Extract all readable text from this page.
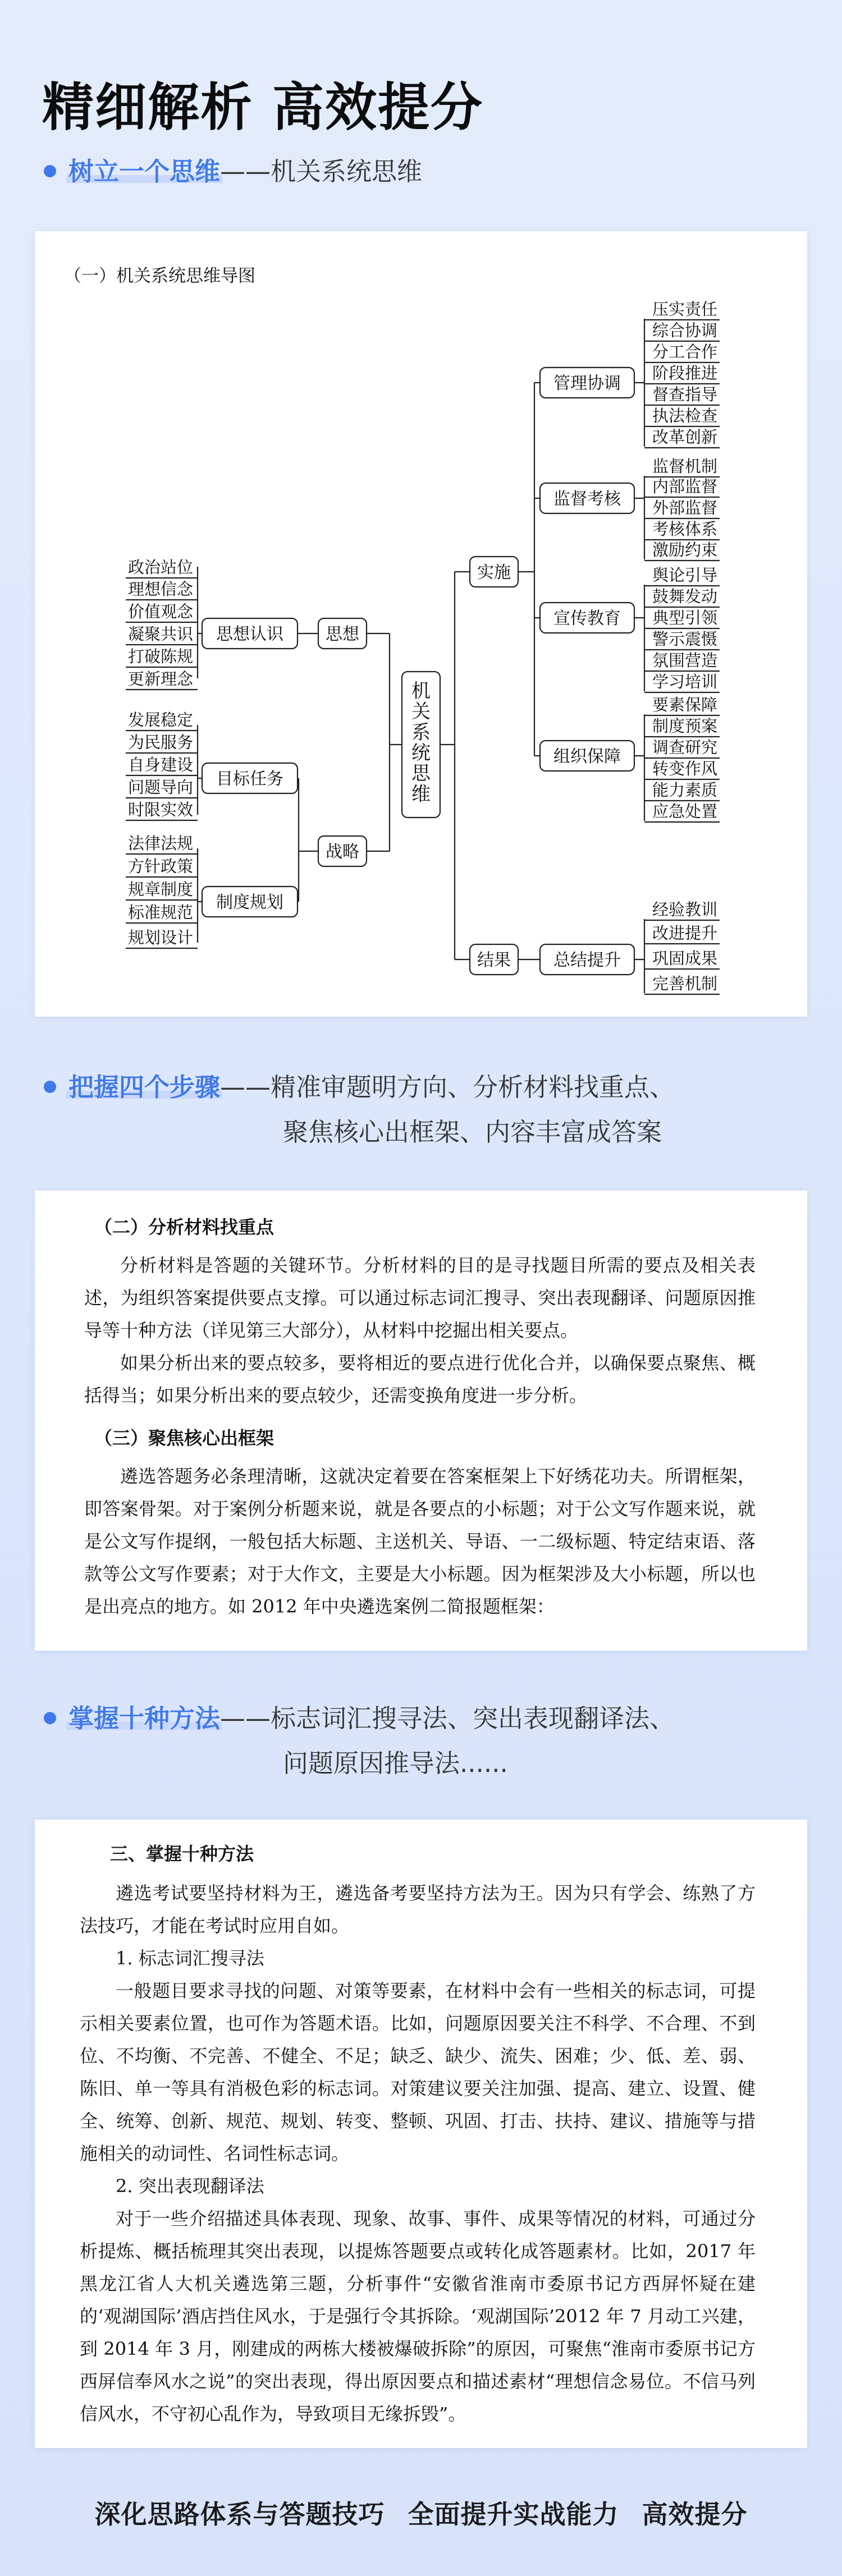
精细解析 高效提分
树立一个思维——机关系统思维
（一）机关系统思维导图
机
关
系
统
思
维
思想
战略
思想认识
政治站位
理想信念
价值观念
凝聚共识
打破陈规
更新理念
目标任务
发展稳定
为民服务
自身建设
问题导向
时限实效
制度规划
法律法规
方针政策
规章制度
标准规范
规划设计
实施
结果
管理协调
压实责任
综合协调
分工合作
阶段推进
督查指导
执法检查
改革创新
监督考核
监督机制
内部监督
外部监督
考核体系
激励约束
宣传教育
舆论引导
鼓舞发动
典型引领
警示震慑
氛围营造
学习培训
组织保障
要素保障
制度预案
调查研究
转变作风
能力素质
应急处置
总结提升
经验教训
改进提升
巩固成果
完善机制
把握四个步骤——精准审题明方向、分析材料找重点、
聚焦核心出框架、内容丰富成答案
（二）分析材料找重点

分析材料是答题的关键环节。分析材料的目的是寻找题目所需的要点及相关表述，为组织答案提供要点支撑。可以通过标志词汇搜寻、突出表现翻译、问题原因推导等十种方法（详见第三大部分），从材料中挖掘出相关要点。

如果分析出来的要点较多，要将相近的要点进行优化合并，以确保要点聚焦、概括得当；如果分析出来的要点较少，还需变换角度进一步分析。

（三）聚焦核心出框架

遴选答题务必条理清晰，这就决定着要在答案框架上下好绣花功夫。所谓框架，即答案骨架。对于案例分析题来说，就是各要点的小标题；对于公文写作题来说，就是公文写作提纲，一般包括大标题、主送机关、导语、一二级标题、特定结束语、落款等公文写作要素；对于大作文，主要是大小标题。因为框架涉及大小标题，所以也是出亮点的地方。如 2012 年中央遴选案例二简报题框架：

掌握十种方法——标志词汇搜寻法、突出表现翻译法、
问题原因推导法......
三、掌握十种方法

遴选考试要坚持材料为王，遴选备考要坚持方法为王。因为只有学会、练熟了方法技巧，才能在考试时应用自如。

1. 标志词汇搜寻法

一般题目要求寻找的问题、对策等要素，在材料中会有一些相关的标志词，可提示相关要素位置，也可作为答题术语。比如，问题原因要关注不科学、不合理、不到位、不均衡、不完善、不健全、不足；缺乏、缺少、流失、困难；少、低、差、弱、陈旧、单一等具有消极色彩的标志词。对策建议要关注加强、提高、建立、设置、健全、统筹、创新、规范、规划、转变、整顿、巩固、打击、扶持、建议、措施等与措施相关的动词性、名词性标志词。

2. 突出表现翻译法

对于一些介绍描述具体表现、现象、故事、事件、成果等情况的材料，可通过分析提炼、概括梳理其突出表现，以提炼答题要点或转化成答题素材。比如，2017 年黑龙江省人大机关遴选第三题，分析事件“安徽省淮南市委原书记方西屏怀疑在建的‘观湖国际’酒店挡住风水，于是强行令其拆除。‘观湖国际’2012 年 7 月动工兴建，到 2014 年 3 月，刚建成的两栋大楼被爆破拆除”的原因，可聚焦“淮南市委原书记方西屏信奉风水之说”的突出表现，得出原因要点和描述素材“理想信念易位。不信马列信风水，不守初心乱作为，导致项目无缘拆毁”。

深化思路体系与答题技巧 全面提升实战能力 高效提分
